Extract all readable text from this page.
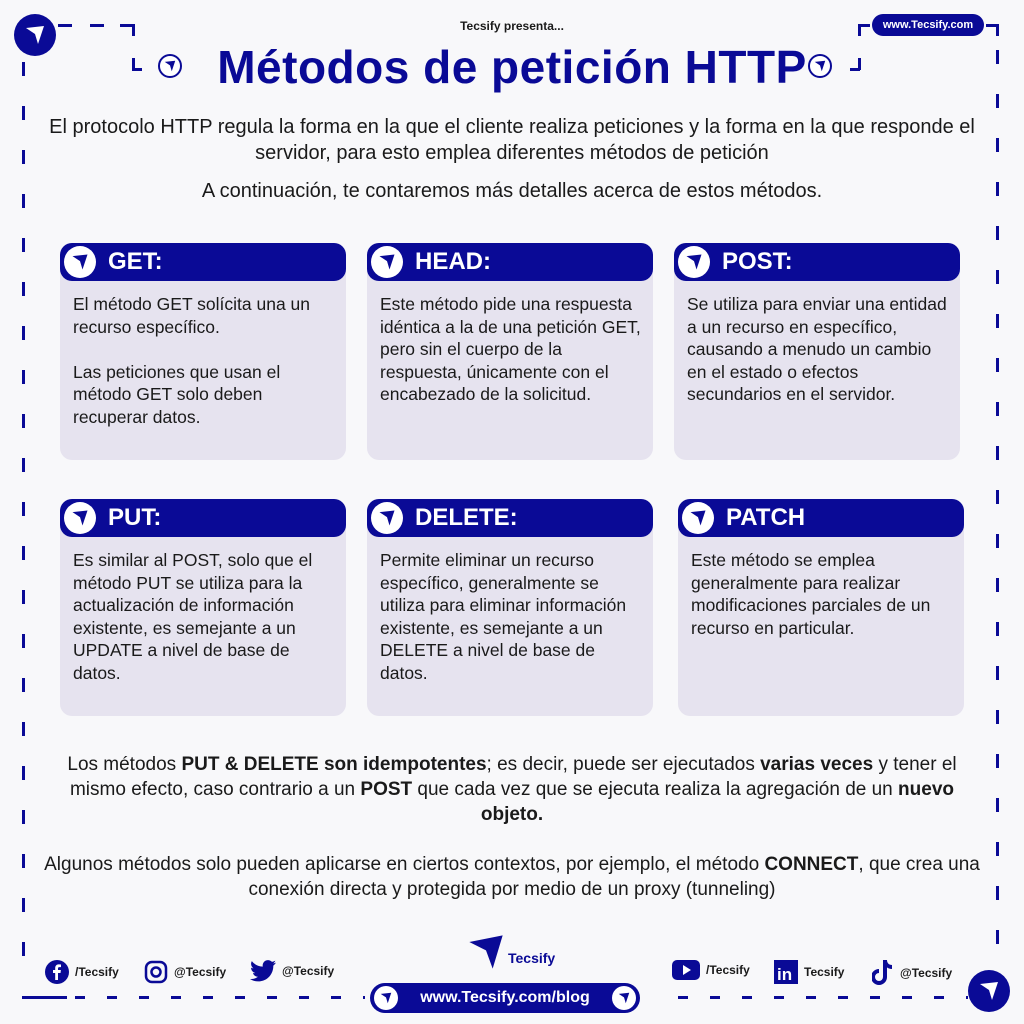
Tecsify presenta...	www.Tecsify.com
Métodos de petición HTTP
El protocolo HTTP regula la forma en la que el cliente realiza peticiones y la forma en la que responde el servidor, para esto emplea diferentes métodos de petición
A continuación, te contaremos más detalles acerca de estos métodos.
GET:
El método GET solícita una un recurso específico.

Las peticiones que usan el método GET solo deben recuperar datos.
HEAD:
Este método pide una respuesta idéntica a la de una petición GET, pero sin el cuerpo de la respuesta, únicamente con el encabezado de la solicitud.
POST:
Se utiliza para enviar una entidad a un recurso en específico, causando a menudo un cambio en el estado o efectos secundarios en el servidor.
PUT:
Es similar al POST, solo que el método PUT se utiliza para la actualización de información existente, es semejante a un UPDATE a nivel de base de datos.
DELETE:
Permite eliminar un recurso específico, generalmente se utiliza para eliminar información existente, es semejante a un DELETE a nivel de base de datos.
PATCH
Este método se emplea generalmente para realizar modificaciones parciales de un recurso en particular.
Los métodos PUT & DELETE son idempotentes; es decir, puede ser ejecutados varias veces y tener el mismo efecto, caso contrario a un POST que cada vez que se ejecuta realiza la agregación de un nuevo objeto.
Algunos métodos solo pueden aplicarse en ciertos contextos, por ejemplo, el método CONNECT, que crea una conexión directa y protegida por medio de un proxy (tunneling)
Tecsify
/Tecsify	@Tecsify	@Tecsify	/Tecsify in Tecsify	@Tecsify
www.Tecsify.com/blog
